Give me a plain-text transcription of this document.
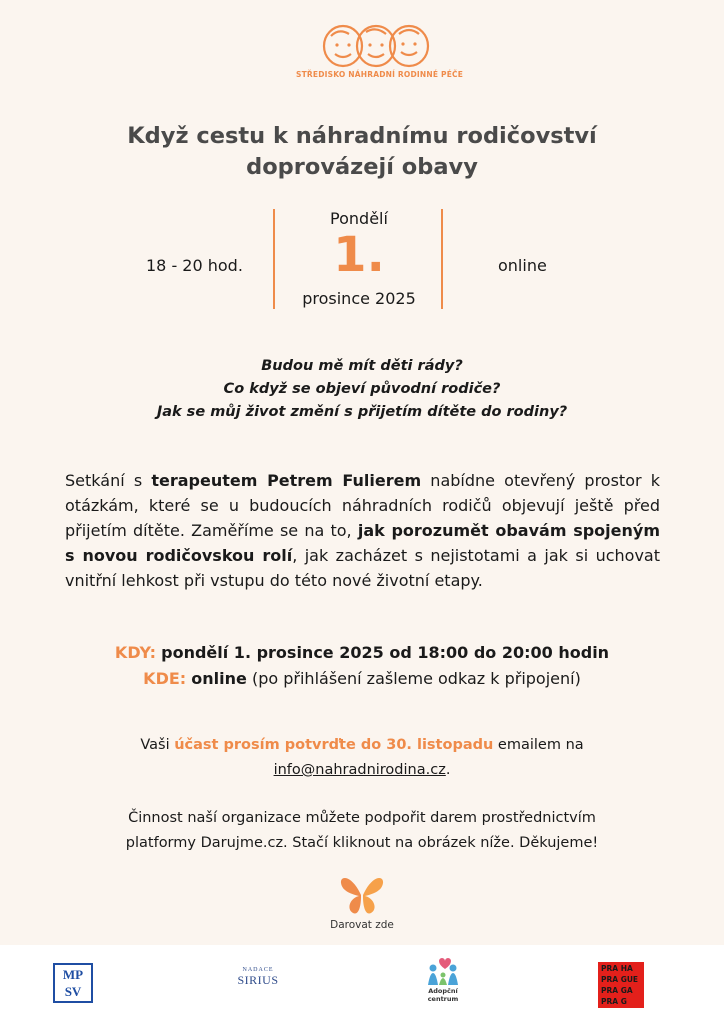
STŘEDISKO NÁHRADNÍ RODINNÉ PÉČE
Když cestu k náhradnímu rodičovství
doprovázejí obavy
18 - 20 hod.
Pondělí
1.
prosince 2025
online
Budou mě mít děti rády?
Co když se objeví původní rodiče?
Jak se můj život změní s přijetím dítěte do rodiny?
Setkání s terapeutem Petrem Fulierem nabídne otevřený prostor k otázkám, které se u budoucích náhradních rodičů objevují ještě před přijetím dítěte. Zaměříme se na to, jak porozumět obavám spojeným s novou rodičovskou rolí, jak zacházet s nejistotami a jak si uchovat vnitřní lehkost při vstupu do této nové životní etapy.
KDY: pondělí 1. prosince 2025 od 18:00 do 20:00 hodin
KDE: online (po přihlášení zašleme odkaz k připojení)
Vaši účast prosím potvrďte do 30. listopadu emailem na
info@nahradnirodina.cz.
Činnost naší organizace můžete podpořit darem prostřednictvím
platformy Darujme.cz. Stačí kliknout na obrázek níže. Děkujeme!
Darovat zde
MPSV
NADACE
SIRIUS
Adopční
centrum
PRA HA
PRA GUE
PRA GA
PRA G
